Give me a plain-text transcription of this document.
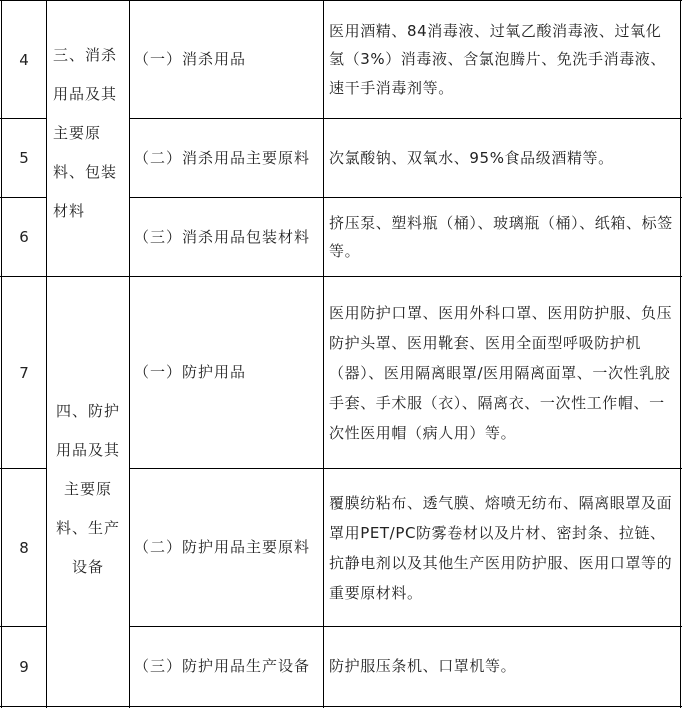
4
5
6
7
8
9
三、消杀用品及其主要原料、包装材料
四、防护用品及其主要原料、生产设备
（一）消杀用品
（二）消杀用品主要原料
（三）消杀用品包装材料
（一）防护用品
（二）防护用品主要原料
（三）防护用品生产设备
医用酒精、84消毒液、过氧乙酸消毒液、过氧化氢（3%）消毒液、含氯泡腾片、免洗手消毒液、速干手消毒剂等。
次氯酸钠、双氧水、95%食品级酒精等。
挤压泵、塑料瓶（桶）、玻璃瓶（桶）、纸箱、标签等。
医用防护口罩、医用外科口罩、医用防护服、负压防护头罩、医用靴套、医用全面型呼吸防护机（器）、医用隔离眼罩/医用隔离面罩、一次性乳胶手套、手术服（衣）、隔离衣、一次性工作帽、一次性医用帽（病人用）等。
覆膜纺粘布、透气膜、熔喷无纺布、隔离眼罩及面罩用PET/PC防雾卷材以及片材、密封条、拉链、抗静电剂以及其他生产医用防护服、医用口罩等的重要原材料。
防护服压条机、口罩机等。
